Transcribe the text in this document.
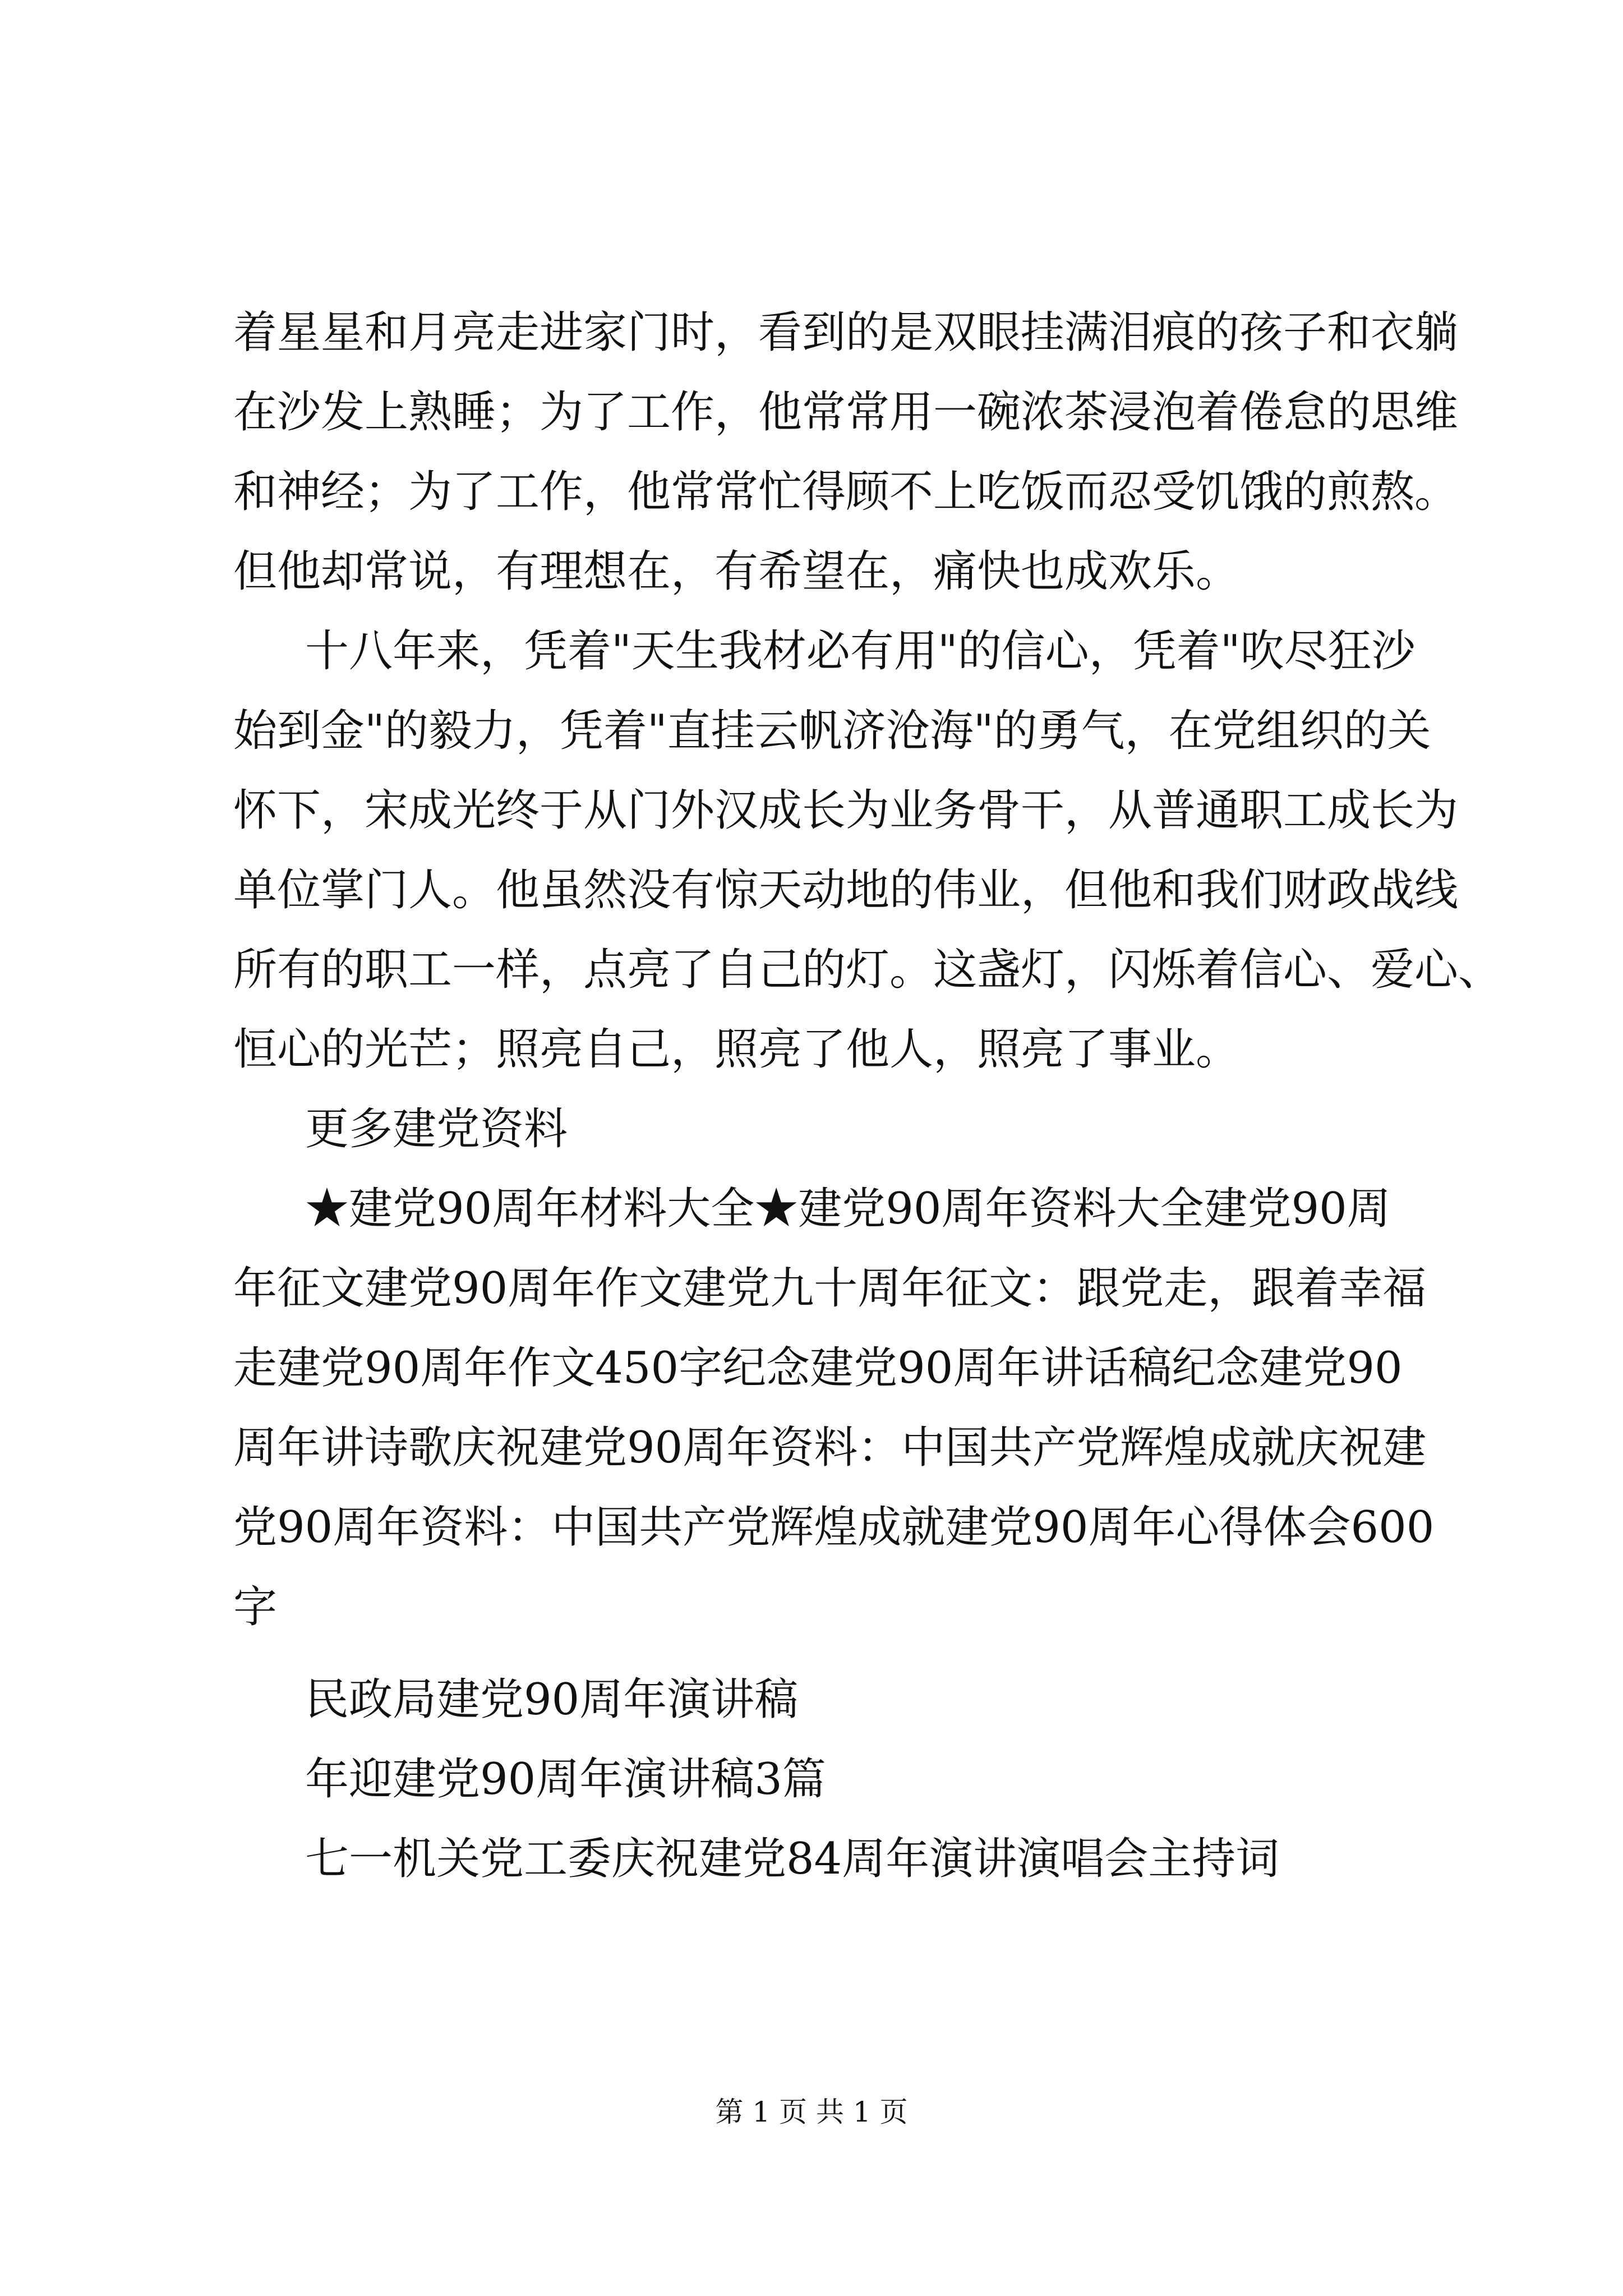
着星星和月亮走进家门时，看到的是双眼挂满泪痕的孩子和衣躺
在沙发上熟睡；为了工作，他常常用一碗浓茶浸泡着倦怠的思维
和神经；为了工作，他常常忙得顾不上吃饭而忍受饥饿的煎熬。
但他却常说，有理想在，有希望在，痛快也成欢乐。
十八年来，凭着"天生我材必有用"的信心，凭着"吹尽狂沙
始到金"的毅力，凭着"直挂云帆济沧海"的勇气，在党组织的关
怀下，宋成光终于从门外汉成长为业务骨干，从普通职工成长为
单位掌门人。他虽然没有惊天动地的伟业，但他和我们财政战线
所有的职工一样，点亮了自己的灯。这盏灯，闪烁着信心、爱心、
恒心的光芒；照亮自己，照亮了他人，照亮了事业。
更多建党资料
★建党90周年材料大全★建党90周年资料大全建党90周
年征文建党90周年作文建党九十周年征文：跟党走，跟着幸福
走建党90周年作文450字纪念建党90周年讲话稿纪念建党90
周年讲诗歌庆祝建党90周年资料：中国共产党辉煌成就庆祝建
党90周年资料：中国共产党辉煌成就建党90周年心得体会600
字
民政局建党90周年演讲稿
年迎建党90周年演讲稿3篇
七一机关党工委庆祝建党84周年演讲演唱会主持词
第 1 页 共 1 页
